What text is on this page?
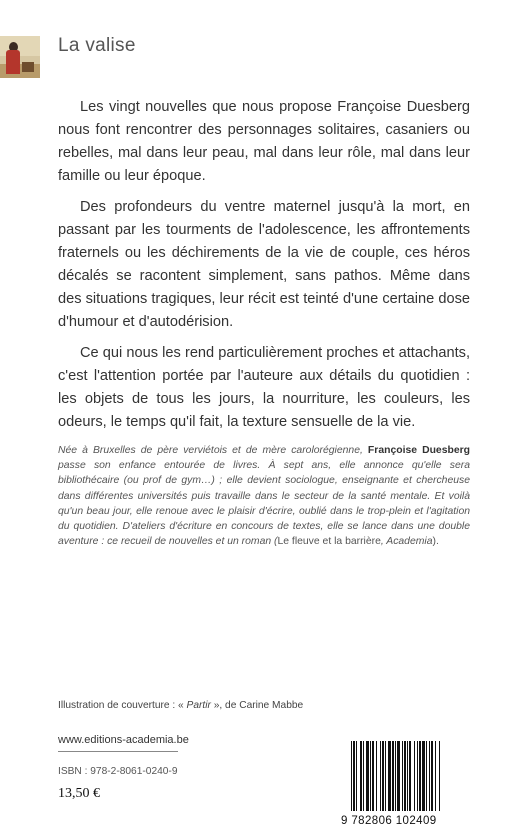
La valise

Les vingt nouvelles que nous propose Françoise Duesberg nous font rencontrer des personnages solitaires, casaniers ou rebelles, mal dans leur peau, mal dans leur rôle, mal dans leur famille ou leur époque.

Des profondeurs du ventre maternel jusqu'à la mort, en passant par les tourments de l'adolescence, les affrontements fraternels ou les déchirements de la vie de couple, ces héros décalés se racontent simplement, sans pathos. Même dans des situations tragiques, leur récit est teinté d'une certaine dose d'humour et d'autodérision.

Ce qui nous les rend particulièrement proches et attachants, c'est l'attention portée par l'auteure aux détails du quotidien : les objets de tous les jours, la nourriture, les couleurs, les odeurs, le temps qu'il fait, la texture sensuelle de la vie.

Née à Bruxelles de père verviétois et de mère carolorégienne, Françoise Duesberg passe son enfance entourée de livres. À sept ans, elle annonce qu'elle sera bibliothécaire (ou prof de gym…) ; elle devient sociologue, enseignante et chercheuse dans différentes universités puis travaille dans le secteur de la santé mentale. Et voilà qu'un beau jour, elle renoue avec le plaisir d'écrire, oublié dans le trop-plein et l'agitation du quotidien. D'ateliers d'écriture en concours de textes, elle se lance dans une double aventure : ce recueil de nouvelles et un roman (Le fleuve et la barrière, Academia).
Illustration de couverture : « Partir », de Carine Mabbe
www.editions-academia.be
ISBN : 978-2-8061-0240-9
13,50 €
9 782806 102409
